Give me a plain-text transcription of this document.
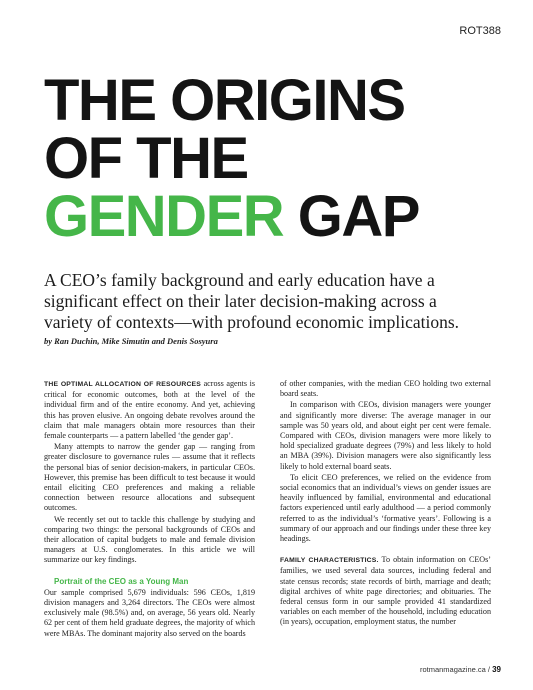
ROT388
THE ORIGINS
OF THE
GENDER GAP
A CEO’s family background and early education have a significant effect on their later decision-making across a variety of contexts—with profound economic implications.
by Ran Duchin, Mike Simutin and Denis Sosyura

THE OPTIMAL ALLOCATION OF RESOURCES across agents is critical for economic outcomes, both at the level of the individual firm and of the entire economy. And yet, achieving this has proven elusive. An ongoing debate revolves around the claim that male managers obtain more resources than their female counterparts — a pattern labelled ‘the gender gap’.

Many attempts to narrow the gender gap — ranging from greater disclosure to governance rules — assume that it reflects the personal bias of senior decision-makers, in particular CEOs. However, this premise has been difficult to test because it would entail eliciting CEO preferences and making a reliable connection between resource allocations and subsequent outcomes.

We recently set out to tackle this challenge by studying and comparing two things: the personal backgrounds of CEOs and their allocation of capital budgets to male and female division managers at U.S. conglomerates. In this article we will summarize our key findings.

Portrait of the CEO as a Young Man

Our sample comprised 5,679 individuals: 596 CEOs, 1,819 division managers and 3,264 directors. The CEOs were almost exclusively male (98.5%) and, on average, 56 years old. Nearly 62 per cent of them held graduate degrees, the majority of which were MBAs. The dominant majority also served on the boards

of other companies, with the median CEO holding two external board seats.

In comparison with CEOs, division managers were younger and significantly more diverse: The average manager in our sample was 50 years old, and about eight per cent were female. Compared with CEOs, division managers were more likely to hold specialized graduate degrees (79%) and less likely to hold an MBA (39%). Division managers were also significantly less likely to hold external board seats.

To elicit CEO preferences, we relied on the evidence from social economics that an individual’s views on gender issues are heavily influenced by familial, environmental and educational factors experienced until early adulthood — a period commonly referred to as the individual’s ‘formative years’. Following is a summary of our approach and our findings under these three key headings.

FAMILY CHARACTERISTICS. To obtain information on CEOs’ families, we used several data sources, including federal and state census records; state records of birth, marriage and death; digital archives of white page directories; and obituaries. The federal census form in our sample provided 41 standardized variables on each member of the household, including education (in years), occupation, employment status, the number

rotmanmagazine.ca / 39
